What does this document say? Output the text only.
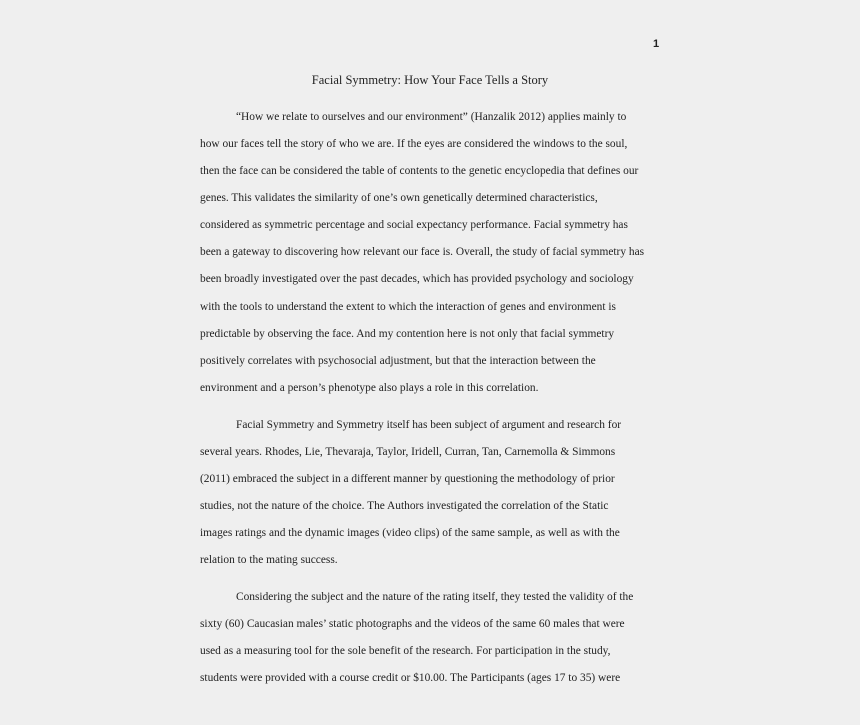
1
Facial Symmetry: How Your Face Tells a Story
“How we relate to ourselves and our environment” (Hanzalik 2012) applies mainly to
how our faces tell the story of who we are. If the eyes are considered the windows to the soul,
then the face can be considered the table of contents to the genetic encyclopedia that defines our
genes. This validates the similarity of one’s own genetically determined characteristics,
considered as symmetric percentage and social expectancy performance. Facial symmetry has
been a gateway to discovering how relevant our face is. Overall, the study of facial symmetry has
been broadly investigated over the past decades, which has provided psychology and sociology
with the tools to understand the extent to which the interaction of genes and environment is
predictable by observing the face. And my contention here is not only that facial symmetry
positively correlates with psychosocial adjustment, but that the interaction between the
environment and a person’s phenotype also plays a role in this correlation.
Facial Symmetry and Symmetry itself has been subject of argument and research for
several years. Rhodes, Lie, Thevaraja, Taylor, Iridell, Curran, Tan, Carnemolla & Simmons
(2011) embraced the subject in a different manner by questioning the methodology of prior
studies, not the nature of the choice. The Authors investigated the correlation of the Static
images ratings and the dynamic images (video clips) of the same sample, as well as with the
relation to the mating success.
Considering the subject and the nature of the rating itself, they tested the validity of the
sixty (60) Caucasian males’ static photographs and the videos of the same 60 males that were
used as a measuring tool for the sole benefit of the research. For participation in the study,
students were provided with a course credit or $10.00. The Participants (ages 17 to 35) were
